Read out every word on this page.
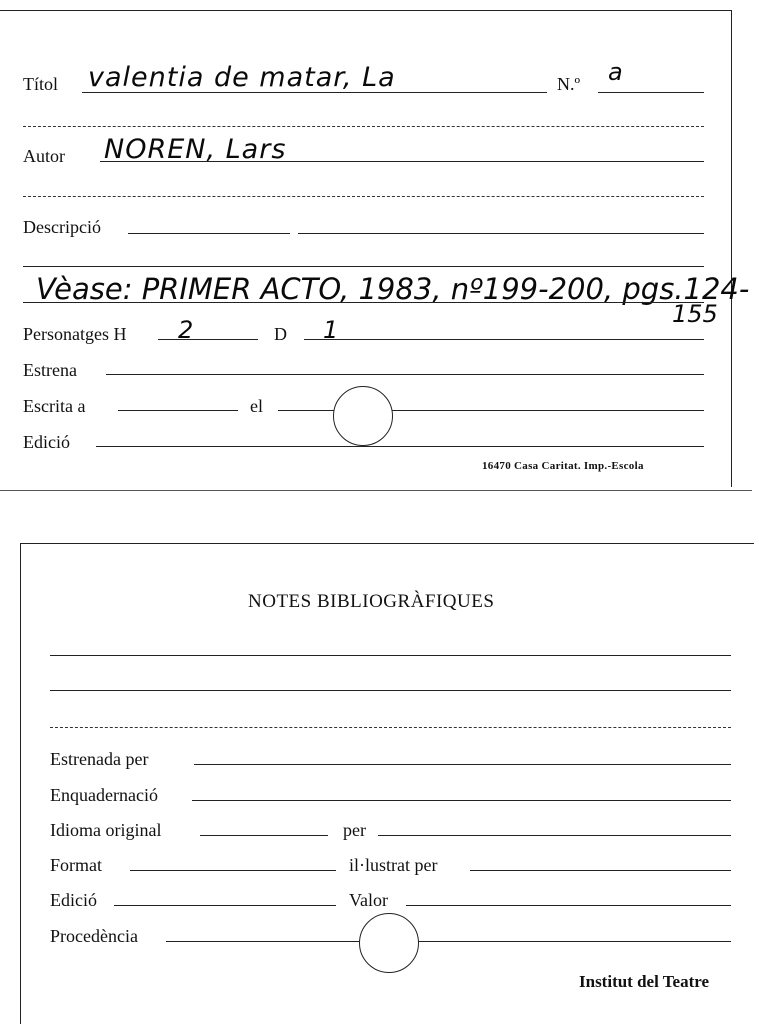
Títol valentia de matar, La	N.º a
Autor NOREN, Lars
Descripció
Vèase: PRIMER ACTO, 1983, nº199-200, pgs.124-
155
Personatges H 2	D 1
Estrena
Escrita a	el
Edició
16470 Casa Caritat. Imp.-Escola
NOTES BIBLIOGRÀFIQUES
Estrenada per
Enquadernació
Idioma original	per
Format	il·lustrat per
Edició	Valor
Procedència
Institut del Teatre
